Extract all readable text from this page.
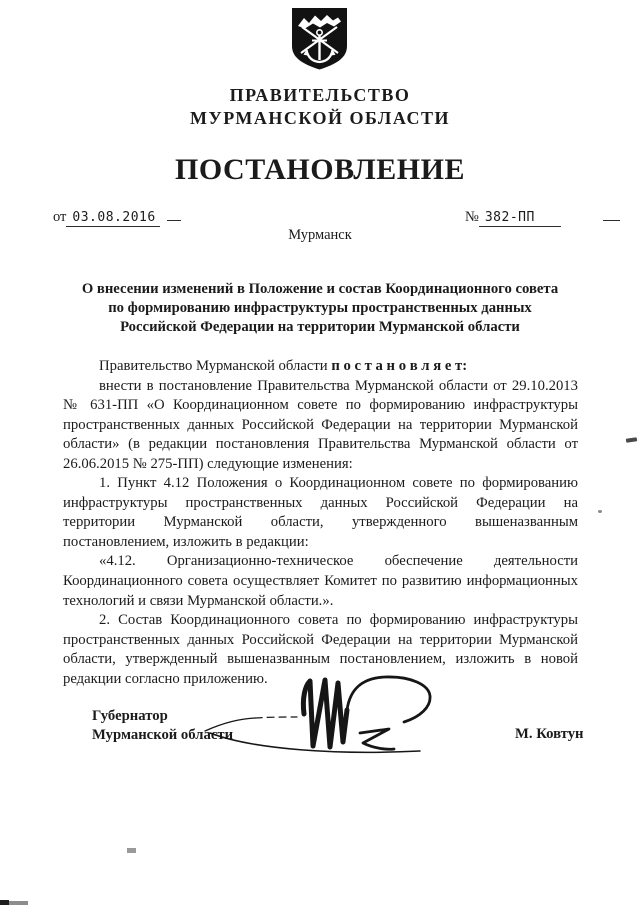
ПРАВИТЕЛЬСТВО
МУРМАНСКОЙ ОБЛАСТИ
ПОСТАНОВЛЕНИЕ
от 03.08.2016	№ 382-ПП
Мурманск
О внесении изменений в Положение и состав Координационного совета
по формированию инфраструктуры пространственных данных
Российской Федерации на территории Мурманской области

Правительство Мурманской области п о с т а н о в л я е т:

внести в постановление Правительства Мурманской области от 29.10.2013 № 631-ПП «О Координационном совете по формированию инфраструктуры пространственных данных Российской Федерации на территории Мурманской области» (в редакции постановления Правительства Мурманской области от 26.06.2015 № 275-ПП) следующие изменения:

1. Пункт 4.12 Положения о Координационном совете по формированию инфраструктуры пространственных данных Российской Федерации на территории Мурманской области, утвержденного вышеназванным постановлением, изложить в редакции:

«4.12. Организационно-техническое обеспечение деятельности Координационного совета осуществляет Комитет по развитию информационных технологий и связи Мурманской области.».

2. Состав Координационного совета по формированию инфраструктуры пространственных данных Российской Федерации на территории Мурманской области, утвержденный вышеназванным постановлением, изложить в новой редакции согласно приложению.

Губернатор
Мурманской области	М. Ковтун
